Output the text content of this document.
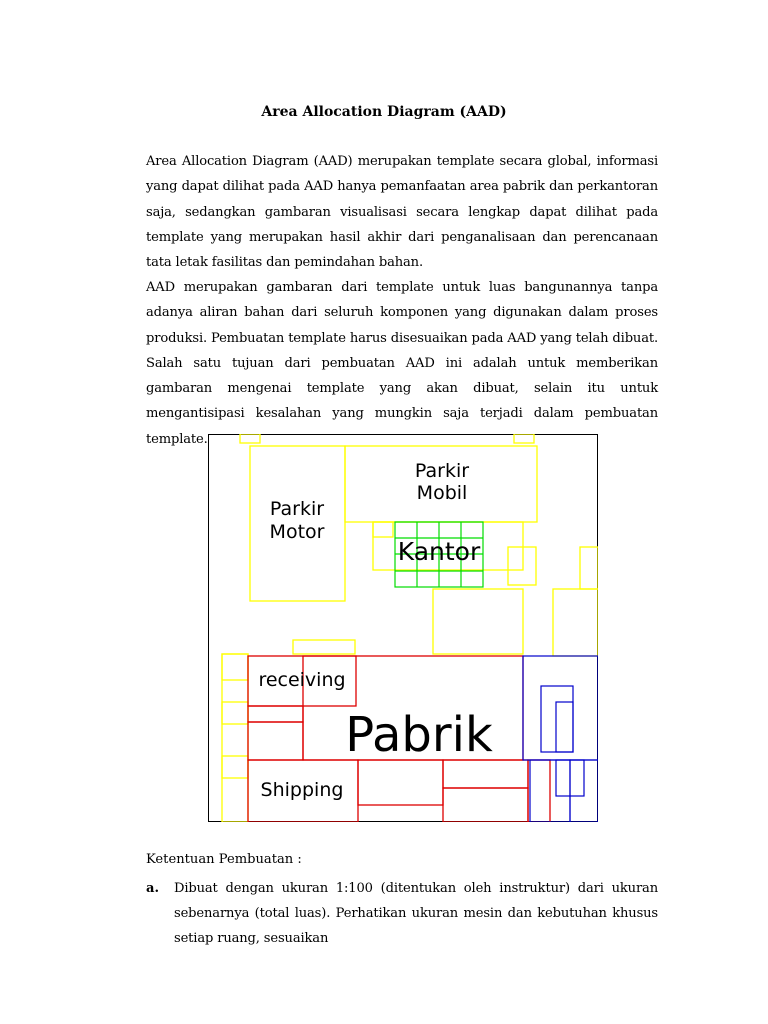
Area Allocation Diagram (AAD)
Area Allocation Diagram (AAD) merupakan template secara global, informasi yang dapat dilihat pada AAD hanya pemanfaatan area pabrik dan perkantoran saja, sedangkan gambaran visualisasi secara lengkap dapat dilihat pada template yang merupakan hasil akhir dari penganalisaan dan perencanaan tata letak fasilitas dan pemindahan bahan.
AAD merupakan gambaran dari template untuk luas bangunannya tanpa adanya aliran bahan dari seluruh komponen yang digunakan dalam proses produksi. Pembuatan template harus disesuaikan pada AAD yang telah dibuat. Salah satu tujuan dari pembuatan AAD ini adalah untuk memberikan gambaran mengenai template yang akan dibuat, selain itu untuk mengantisipasi kesalahan yang mungkin saja terjadi dalam pembuatan template.
Parkir
Mobil
Parkir
Motor
Kantor
receiving
Pabrik
Shipping
Ketentuan Pembuatan :
a. Dibuat dengan ukuran 1:100 (ditentukan oleh instruktur) dari ukuran sebenarnya (total luas). Perhatikan ukuran mesin dan kebutuhan khusus setiap ruang, sesuaikan
